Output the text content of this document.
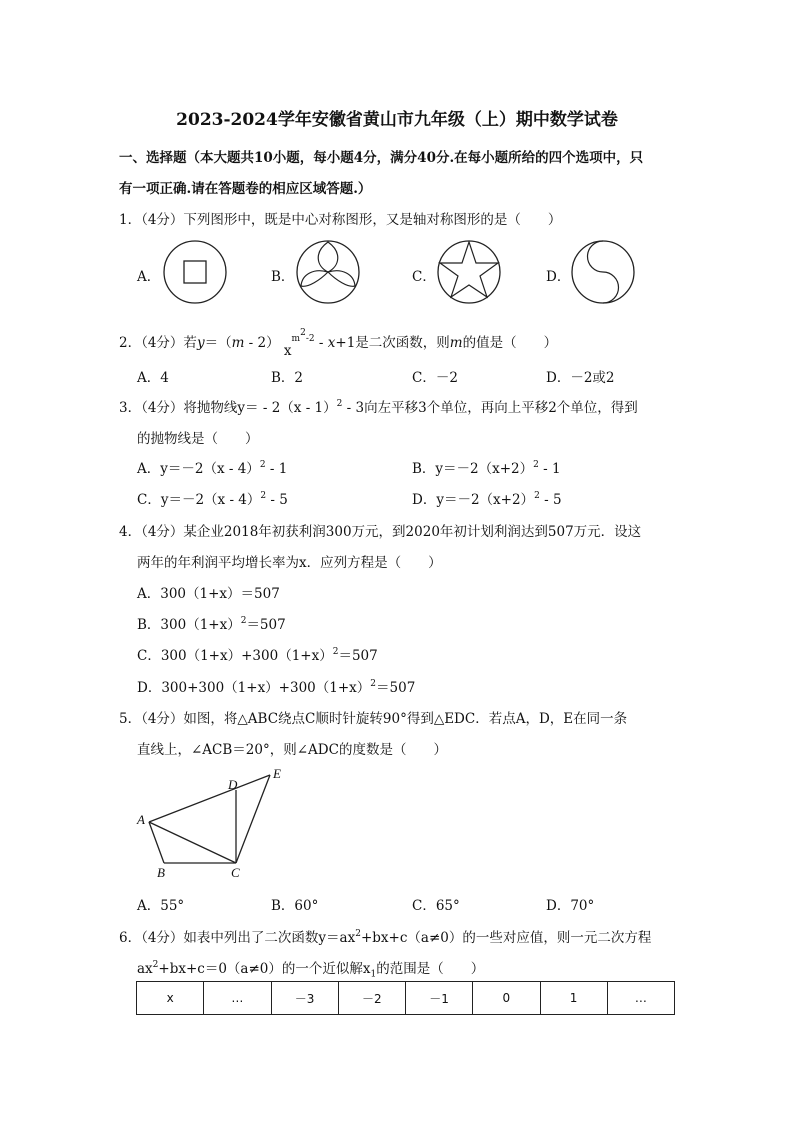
2023-2024学年安徽省黄山市九年级（上）期中数学试卷
一、选择题（本大题共10小题，每小题4分，满分40分.在每小题所给的四个选项中，只
有一项正确.请在答题卷的相应区域答题.）
1．（4分）下列图形中，既是中心对称图形，又是轴对称图形的是（　　）
A．	B．	C．	D．
2．（4分）若y＝（m - 2） $x^{m^2-2} - x+1$是二次函数，则m的值是（　　）
A．4	B．2	C．－2	D．－2或2
3．（4分）将抛物线y＝ - 2（x - 1）$^2$ - 3向左平移3个单位，再向上平移2个单位，得到
的抛物线是（　　）
A．y＝－2（x - 4）$^2$ - 1	B．$y=-2(x+2)^2 - 1$
C．y＝－2（x - 4）$^2$ - 5	D．$y=-2(x+2)^2 - 5$
4．（4分）某企业2018年初获利润300万元，到2020年初计划利润达到507万元．设这
两年的年利润平均增长率为x．应列方程是（　　）
A．300（1+x）＝507
B．$300(1+x)^2=507$
C．$300(1+x)+300(1+x)^2=507$
D．$300+300(1+x)+300(1+x)^2=507$
5．（4分）如图，将△ABC绕点C顺时针旋转90°得到△EDC．若点A，D，E在同一条
直线上，∠ACB＝20°，则∠ADC的度数是（　　）
A
B	C
D
E
A．55°	B．60°	C．65°	D．70°
6．（4分）如表中列出了二次函数$y=ax^2+bx+c(a\ne 0)$的一些对应值，则一元二次方程
$ax^2+bx+c=0(a\ne 0)$的一个近似解$x_1$的范围是（　　）
x	…	－3	－2	－1	0	1	…
